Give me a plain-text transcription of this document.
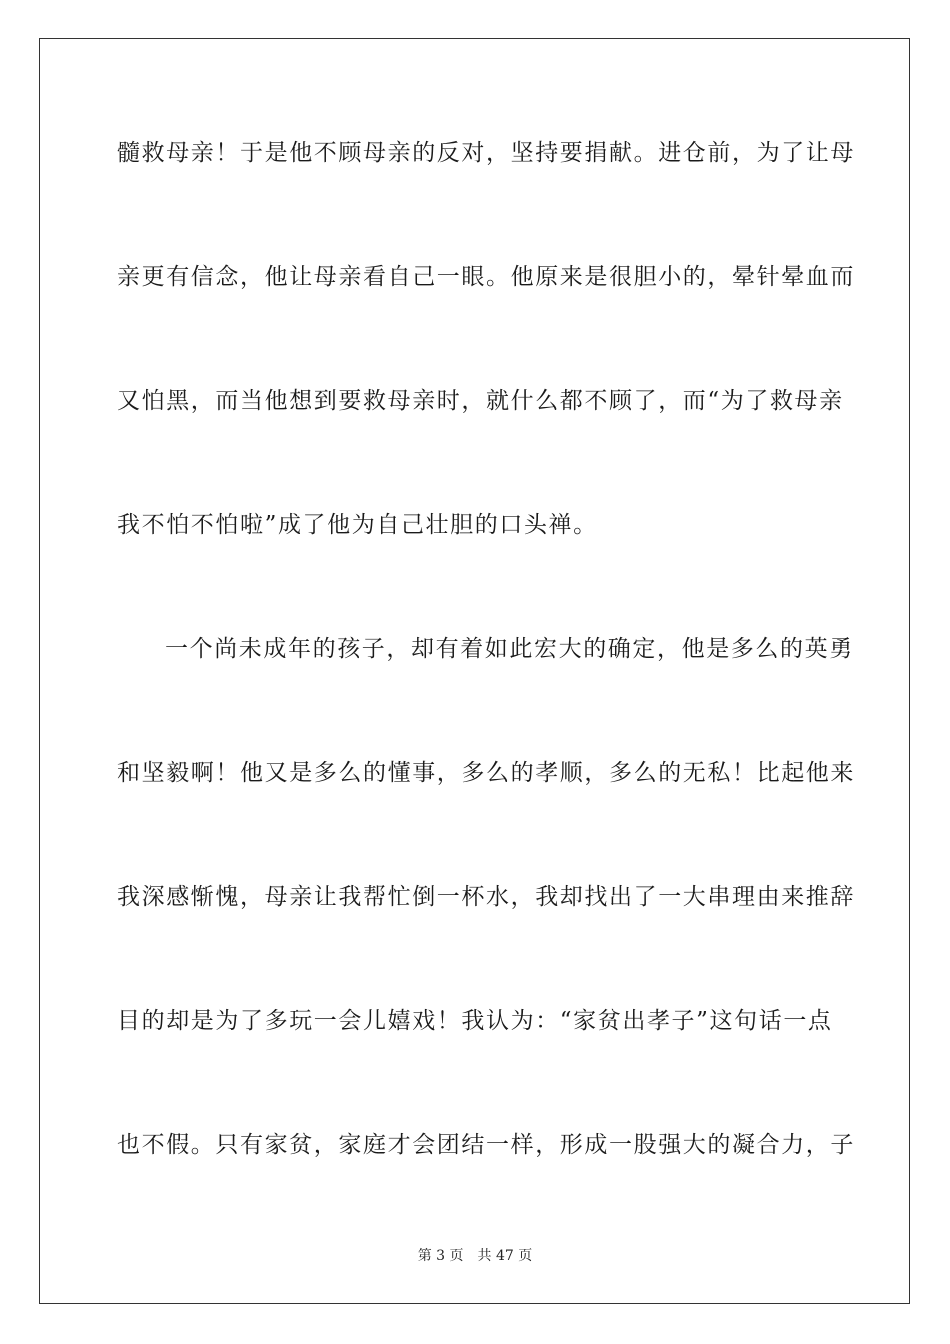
髓救母亲！于是他不顾母亲的反对，坚持要捐献。进仓前，为了让母
亲更有信念，他让母亲看自己一眼。他原来是很胆小的，晕针晕血而
又怕黑，而当他想到要救母亲时，就什么都不顾了，而“为了救母亲
我不怕不怕啦”成了他为自己壮胆的口头禅。
一个尚未成年的孩子，却有着如此宏大的确定，他是多么的英勇
和坚毅啊！他又是多么的懂事，多么的孝顺，多么的无私！比起他来
我深感惭愧，母亲让我帮忙倒一杯水，我却找出了一大串理由来推辞
目的却是为了多玩一会儿嬉戏！我认为：“家贫出孝子”这句话一点
也不假。只有家贫，家庭才会团结一样，形成一股强大的凝合力，子
第 3 页 共 47 页
